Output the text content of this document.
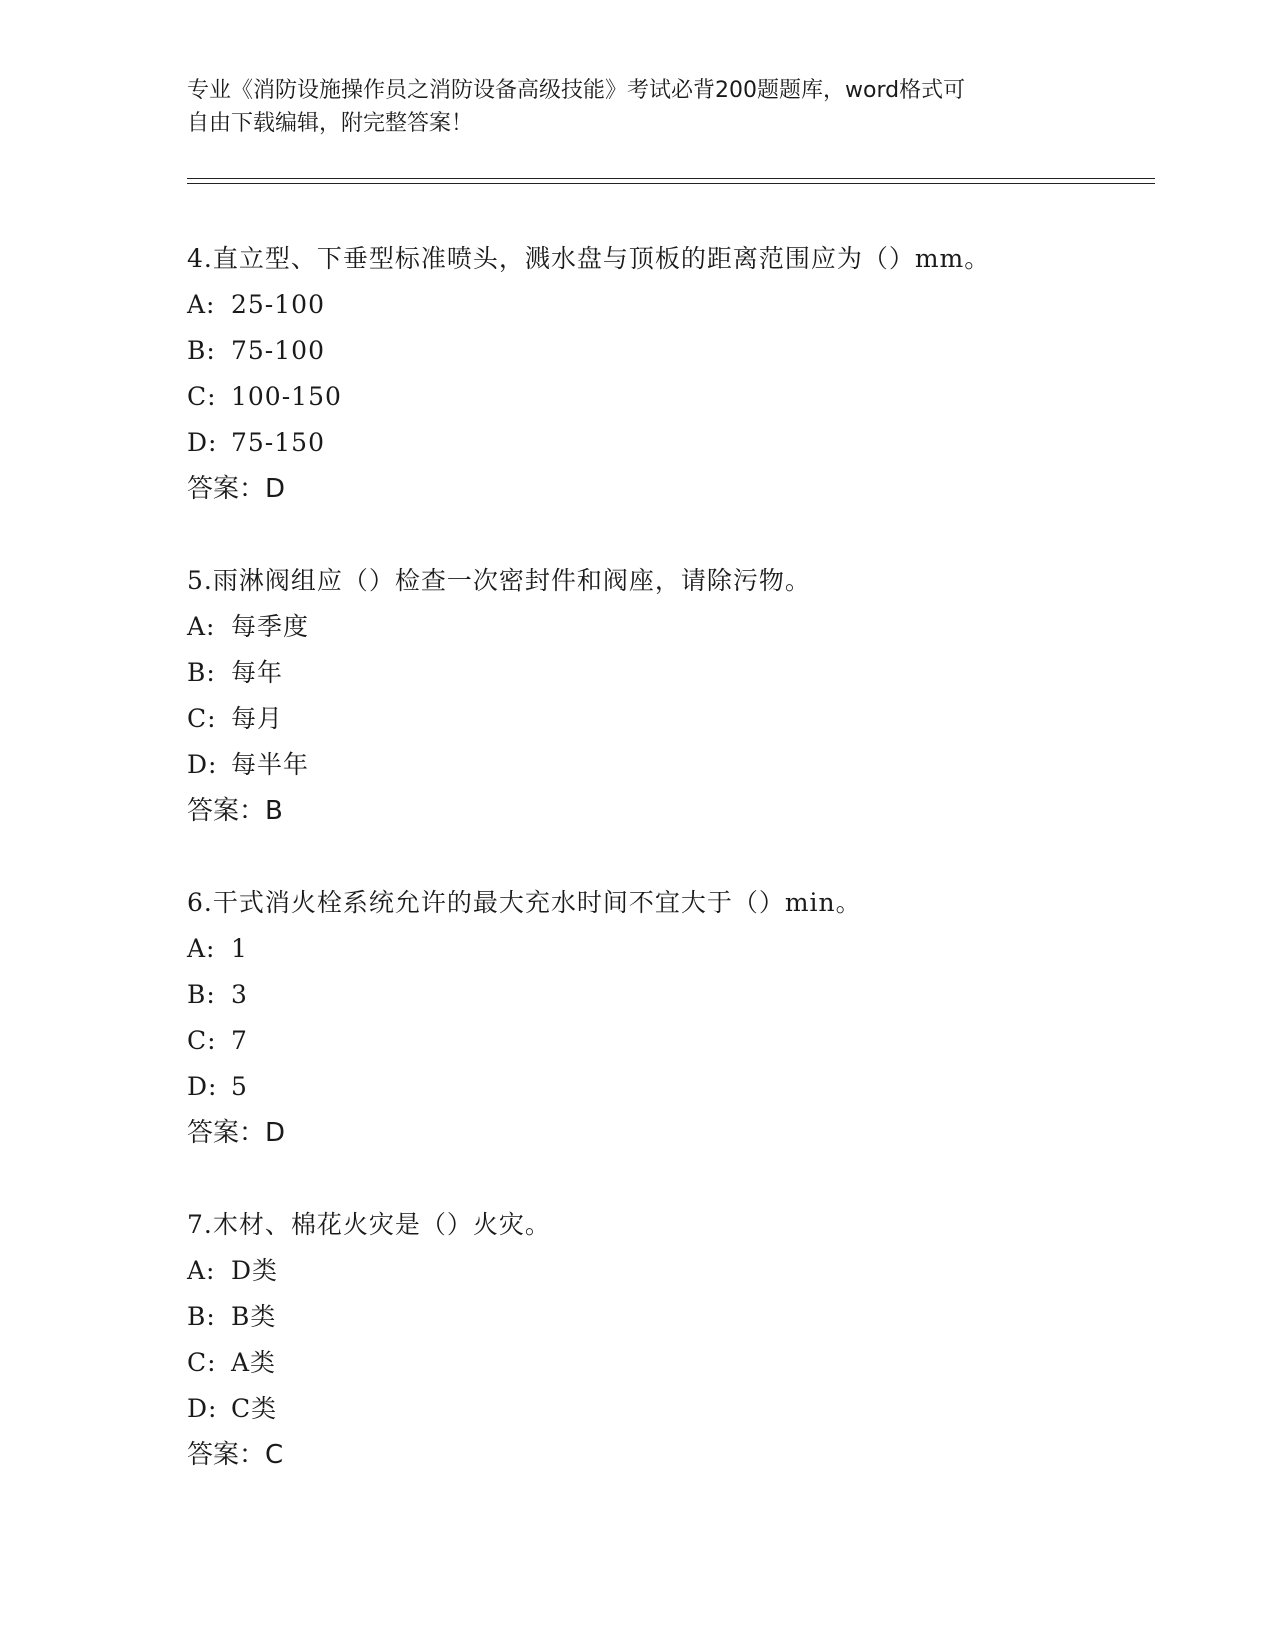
专业《消防设施操作员之消防设备高级技能》考试必背200题题库，word格式可
自由下载编辑，附完整答案！
4.直立型、下垂型标准喷头，溅水盘与顶板的距离范围应为（）mm。
A: 25-100
B: 75-100
C: 100-150
D: 75-150
答案：D
5.雨淋阀组应（）检查一次密封件和阀座，请除污物。
A: 每季度
B: 每年
C: 每月
D: 每半年
答案：B
6.干式消火栓系统允许的最大充水时间不宜大于（）min。
A: 1
B: 3
C: 7
D: 5
答案：D
7.木材、棉花火灾是（）火灾。
A: D类
B: B类
C: A类
D: C类
答案：C
